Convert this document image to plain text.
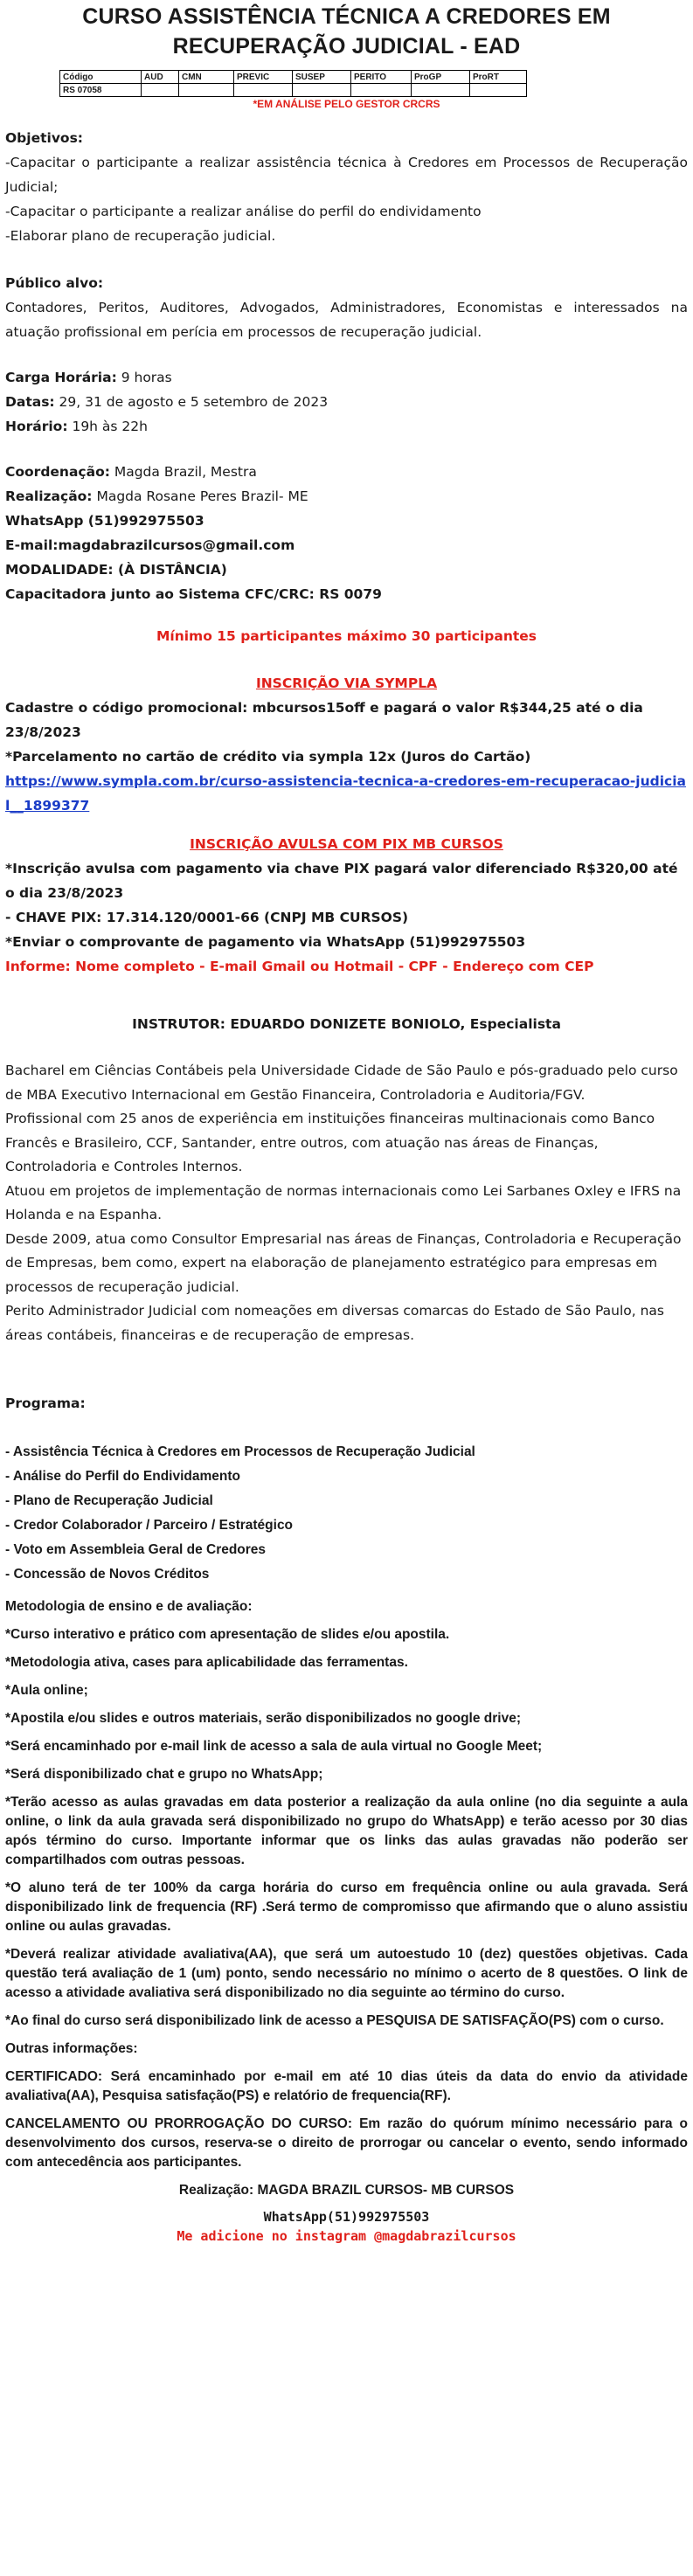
CURSO ASSISTÊNCIA TÉCNICA A CREDORES EM RECUPERAÇÃO JUDICIAL - EAD
Código	AUD	CMN	PREVIC	SUSEP	PERITO	ProGP	ProRT
RS 07058							
*EM ANÁLISE PELO GESTOR CRCRS
Objetivos:
-Capacitar o participante a realizar assistência técnica à Credores em Processos de Recuperação Judicial;
-Capacitar o participante a realizar análise do perfil do endividamento
-Elaborar plano de recuperação judicial.
Público alvo:
Contadores, Peritos, Auditores, Advogados, Administradores, Economistas e interessados na atuação profissional em perícia em processos de recuperação judicial.
Carga Horária: 9 horas
Datas: 29, 31 de agosto e 5 setembro de 2023
Horário: 19h às 22h
Coordenação: Magda Brazil, Mestra
Realização: Magda Rosane Peres Brazil- ME
WhatsApp (51)992975503
E-mail:magdabrazilcursos@gmail.com
MODALIDADE: (À DISTÂNCIA)
Capacitadora junto ao Sistema CFC/CRC: RS 0079
Mínimo 15 participantes máximo 30 participantes
INSCRIÇÃO VIA SYMPLA
Cadastre o código promocional: mbcursos15off e pagará o valor R$344,25 até o dia 23/8/2023
*Parcelamento no cartão de crédito via sympla 12x (Juros do Cartão)
https://www.sympla.com.br/curso-assistencia-tecnica-a-credores-em-recuperacao-judicial__1899377
INSCRIÇÃO AVULSA COM PIX MB CURSOS
*Inscrição avulsa com pagamento via chave PIX pagará valor diferenciado R$320,00 até o dia 23/8/2023
- CHAVE PIX: 17.314.120/0001-66 (CNPJ MB CURSOS)
*Enviar o comprovante de pagamento via WhatsApp (51)992975503
Informe: Nome completo - E-mail Gmail ou Hotmail - CPF - Endereço com CEP
INSTRUTOR: EDUARDO DONIZETE BONIOLO, Especialista
Bacharel em Ciências Contábeis pela Universidade Cidade de São Paulo e pós-graduado pelo curso de MBA Executivo Internacional em Gestão Financeira, Controladoria e Auditoria/FGV.
Profissional com 25 anos de experiência em instituições financeiras multinacionais como Banco Francês e Brasileiro, CCF, Santander, entre outros, com atuação nas áreas de Finanças, Controladoria e Controles Internos.
Atuou em projetos de implementação de normas internacionais como Lei Sarbanes Oxley e IFRS na Holanda e na Espanha.
Desde 2009, atua como Consultor Empresarial nas áreas de Finanças, Controladoria e Recuperação de Empresas, bem como, expert na elaboração de planejamento estratégico para empresas em processos de recuperação judicial.
Perito Administrador Judicial com nomeações em diversas comarcas do Estado de São Paulo, nas áreas contábeis, financeiras e de recuperação de empresas.
Programa:
- Assistência Técnica à Credores em Processos de Recuperação Judicial
- Análise do Perfil do Endividamento
- Plano de Recuperação Judicial
- Credor Colaborador / Parceiro / Estratégico
- Voto em Assembleia Geral de Credores
- Concessão de Novos Créditos
Metodologia de ensino e de avaliação:
*Curso interativo e prático com apresentação de slides e/ou apostila.
*Metodologia ativa, cases para aplicabilidade das ferramentas.
*Aula online;
*Apostila e/ou slides e outros materiais, serão disponibilizados no google drive;
*Será encaminhado por e-mail link de acesso a sala de aula virtual no Google Meet;
*Será disponibilizado chat e grupo no WhatsApp;
*Terão acesso as aulas gravadas em data posterior a realização da aula online (no dia seguinte a aula online, o link da aula gravada será disponibilizado no grupo do WhatsApp) e terão acesso por 30 dias após término do curso. Importante informar que os links das aulas gravadas não poderão ser compartilhados com outras pessoas.
*O aluno terá de ter 100% da carga horária do curso em frequência online ou aula gravada. Será disponibilizado link de frequencia (RF) .Será termo de compromisso que afirmando que o aluno assistiu online ou aulas gravadas.
*Deverá realizar atividade avaliativa(AA), que será um autoestudo 10 (dez) questões objetivas. Cada questão terá avaliação de 1 (um) ponto, sendo necessário no mínimo o acerto de 8 questões. O link de acesso a atividade avaliativa será disponibilizado no dia seguinte ao término do curso.
*Ao final do curso será disponibilizado link de acesso a PESQUISA DE SATISFAÇÃO(PS) com o curso.
Outras informações:
CERTIFICADO: Será encaminhado por e-mail em até 10 dias úteis da data do envio da atividade avaliativa(AA), Pesquisa satisfação(PS) e relatório de frequencia(RF).
CANCELAMENTO OU PRORROGAÇÃO DO CURSO: Em razão do quórum mínimo necessário para o desenvolvimento dos cursos, reserva-se o direito de prorrogar ou cancelar o evento, sendo informado com antecedência aos participantes.
Realização: MAGDA BRAZIL CURSOS- MB CURSOS
WhatsApp(51)992975503
Me adicione no instagram @magdabrazilcursos
